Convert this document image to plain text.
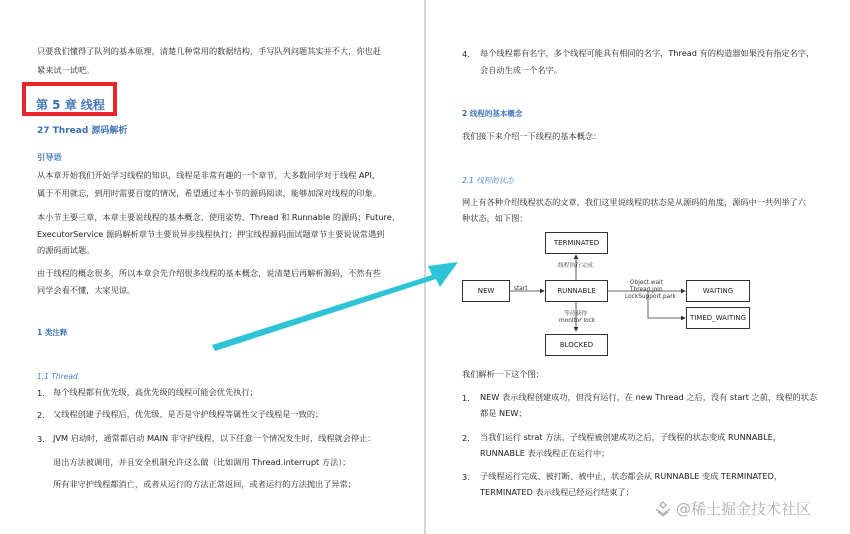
只要我们懂得了队列的基本原理，清楚几种常用的数据结构，手写队列问题其实并不大，你也赶
紧来试一试吧。
第 5 章 线程
27 Thread 源码解析
引导语
从本章开始我们开始学习线程的知识，线程是非常有趣的一个章节，大多数同学对于线程 API，
属于不用就忘，到用时需要百度的情况，希望通过本小节的源码阅读，能够加深对线程的印象。
本小节主要三章，本章主要说线程的基本概念、使用姿势、Thread 和 Runnable 的源码；Future、
ExecutorService 源码解析章节主要说异步线程执行；押宝线程源码面试题章节主要说说常遇到
的源码面试题。
由于线程的概念很多，所以本章会先介绍很多线程的基本概念，说清楚后再解析源码，不然有些
同学会看不懂，大家见谅。
1 类注释
1.1 Thread
1. 每个线程都有优先级，高优先级的线程可能会优先执行；
2. 父线程创建子线程后，优先级、是否是守护线程等属性父子线程是一致的；
3. JVM 启动时，通常都启动 MAIN 非守护线程，以下任意一个情况发生时，线程就会停止：
退出方法被调用，并且安全机制允许这么做（比如调用 Thread.interrupt 方法）；
所有非守护线程都消亡，或者从运行的方法正常返回，或者运行的方法抛出了异常；
4. 每个线程都有名字，多个线程可能具有相同的名字，Thread 有的构造器如果没有指定名字，
会自动生成一个名字。
2 线程的基本概念
我们接下来介绍一下线程的基本概念：
2.1 线程的状态
网上有各种介绍线程状态的文章，我们这里说线程的状态是从源码的角度，源码中一共列举了六
种状态，如下图：
TERMINATED
RUNNABLE
NEW	WAITING
TIMED_WAITING
BLOCKED
线程执行完成
start
Object.wait
Thread.join
LockSupport.park
等待获得
monitor lock
我们解析一下这个图：
1. NEW 表示线程创建成功，但没有运行，在 new Thread 之后，没有 start 之前，线程的状态
都是 NEW；
2. 当我们运行 strat 方法，子线程被创建成功之后，子线程的状态变成 RUNNABLE，
RUNNABLE 表示线程正在运行中；
3. 子线程运行完成、被打断、被中止，状态都会从 RUNNABLE 变成 TERMINATED，
TERMINATED 表示线程已经运行结束了；
@稀土掘金技术社区
